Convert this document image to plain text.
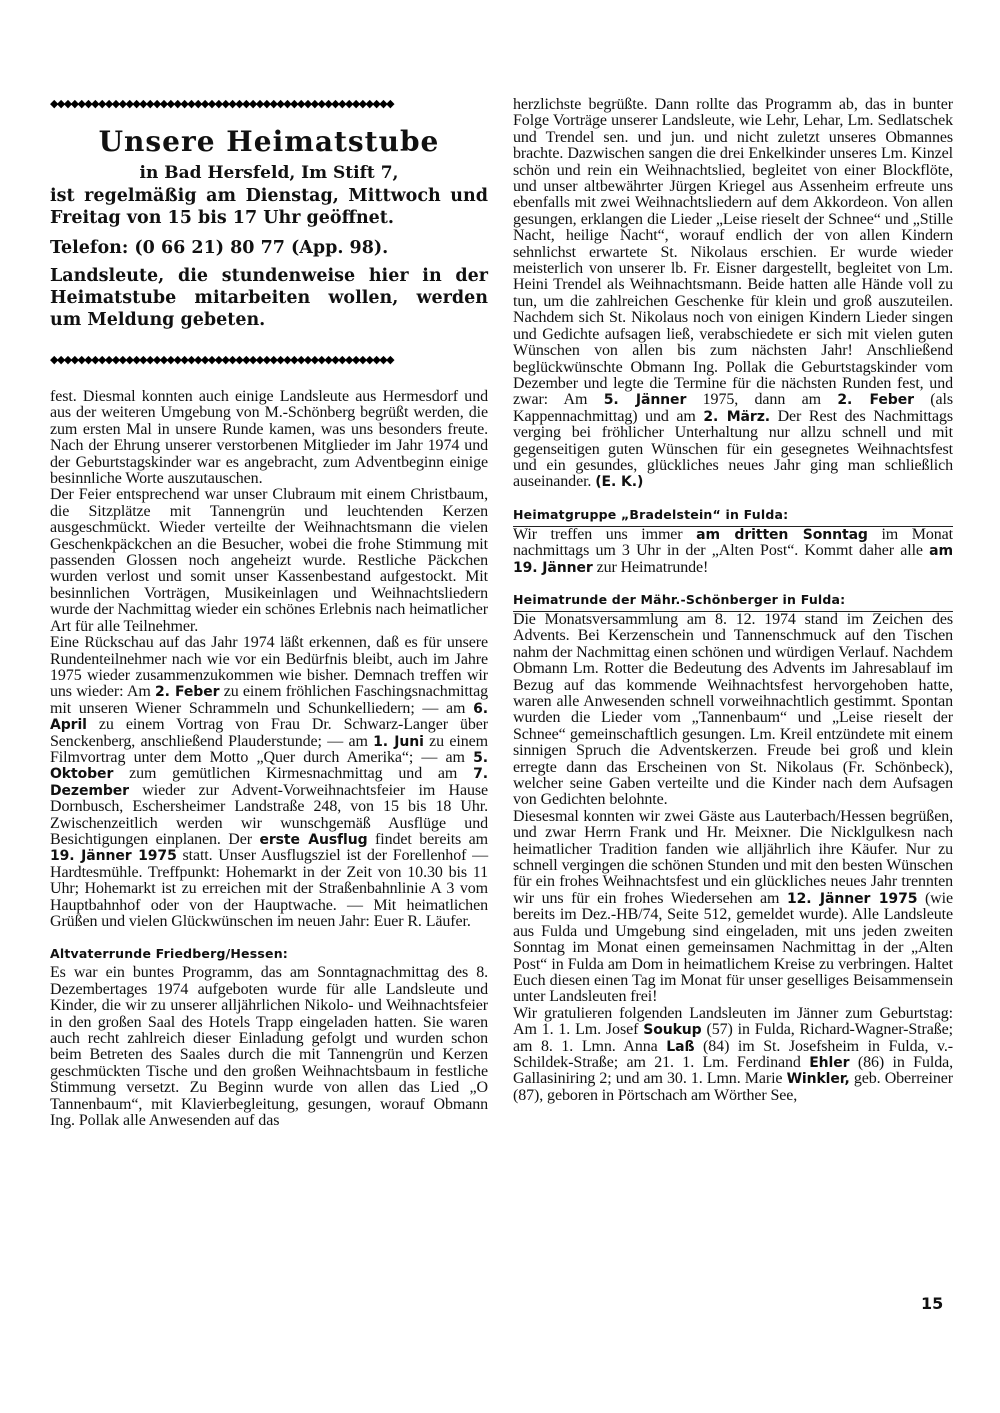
◆◆◆◆◆◆◆◆◆◆◆◆◆◆◆◆◆◆◆◆◆◆◆◆◆◆◆◆◆◆◆◆◆◆◆◆◆◆◆◆◆◆◆◆◆◆◆◆◆◆
Unsere Heimatstube
in Bad Hersfeld, Im Stift 7,
ist regelmäßig am Dienstag, Mittwoch und Freitag von 15 bis 17 Uhr geöffnet.
Telefon: (0 66 21) 80 77 (App. 98).
Landsleute, die stundenweise hier in der Heimatstube mitarbeiten wollen, werden um Meldung gebeten.
◆◆◆◆◆◆◆◆◆◆◆◆◆◆◆◆◆◆◆◆◆◆◆◆◆◆◆◆◆◆◆◆◆◆◆◆◆◆◆◆◆◆◆◆◆◆◆◆◆◆

fest. Diesmal konnten auch einige Landsleute aus Hermesdorf und aus der weiteren Umgebung von M.-Schönberg begrüßt werden, die zum ersten Mal in unsere Runde kamen, was uns besonders freute. Nach der Ehrung unserer verstorbenen Mitglieder im Jahr 1974 und der Geburtstagskinder war es angebracht, zum Adventbeginn einige besinnliche Worte auszutauschen.

Der Feier entsprechend war unser Clubraum mit einem Christbaum, die Sitzplätze mit Tannengrün und leuchtenden Kerzen ausgeschmückt. Wieder verteilte der Weihnachtsmann die vielen Geschenkpäckchen an die Besucher, wobei die frohe Stimmung mit passenden Glossen noch angeheizt wurde. Restliche Päckchen wurden verlost und somit unser Kassenbestand aufgestockt. Mit besinnlichen Vorträgen, Musikeinlagen und Weihnachtsliedern wurde der Nachmittag wieder ein schönes Erlebnis nach heimatlicher Art für alle Teilnehmer.

Eine Rückschau auf das Jahr 1974 läßt erkennen, daß es für unsere Rundenteilnehmer nach wie vor ein Bedürfnis bleibt, auch im Jahre 1975 wieder zusammenzukommen wie bisher. Demnach treffen wir uns wieder: Am 2. Feber zu einem fröhlichen Faschingsnachmittag mit unseren Wiener Schrammeln und Schunkelliedern; — am 6. April zu einem Vortrag von Frau Dr. Schwarz-Langer über Senckenberg, anschließend Plauderstunde; — am 1. Juni zu einem Filmvortrag unter dem Motto „Quer durch Amerika“; — am 5. Oktober zum gemütlichen Kirmesnachmittag und am 7. Dezember wieder zur Advent-Vorweihnachtsfeier im Hause Dornbusch, Eschersheimer Landstraße 248, von 15 bis 18 Uhr. Zwischenzeitlich werden wir wunschgemäß Ausflüge und Besichtigungen einplanen. Der erste Ausflug findet bereits am 19. Jänner 1975 statt. Unser Ausflugsziel ist der Forellenhof — Hardtesmühle. Treffpunkt: Hohemarkt in der Zeit von 10.30 bis 11 Uhr; Hohemarkt ist zu erreichen mit der Straßenbahnlinie A 3 vom Hauptbahnhof oder von der Hauptwache. — Mit heimatlichen Grüßen und vielen Glückwünschen im neuen Jahr: Euer R. Läufer.

Altvaterrunde Friedberg/Hessen:

Es war ein buntes Programm, das am Sonntagnachmittag des 8. Dezembertages 1974 aufgeboten wurde für alle Landsleute und Kinder, die wir zu unserer alljährlichen Nikolo- und Weihnachtsfeier in den großen Saal des Hotels Trapp eingeladen hatten. Sie waren auch recht zahlreich dieser Einladung gefolgt und wurden schon beim Betreten des Saales durch die mit Tannengrün und Kerzen geschmückten Tische und den großen Weihnachtsbaum in festliche Stimmung versetzt. Zu Beginn wurde von allen das Lied „O Tannenbaum“, mit Klavierbegleitung, gesungen, worauf Obmann Ing. Pollak alle Anwesenden auf das

herzlichste begrüßte. Dann rollte das Programm ab, das in bunter Folge Vorträge unserer Landsleute, wie Lehr, Lehar, Lm. Sedlatschek und Trendel sen. und jun. und nicht zuletzt unseres Obmannes brachte. Dazwischen sangen die drei Enkelkinder unseres Lm. Kinzel schön und rein ein Weihnachtslied, begleitet von einer Blockflöte, und unser altbewährter Jürgen Kriegel aus Assenheim erfreute uns ebenfalls mit zwei Weihnachtsliedern auf dem Akkordeon. Von allen gesungen, erklangen die Lieder „Leise rieselt der Schnee“ und „Stille Nacht, heilige Nacht“, worauf endlich der von allen Kindern sehnlichst erwartete St. Nikolaus erschien. Er wurde wieder meisterlich von unserer lb. Fr. Eisner dargestellt, begleitet von Lm. Heini Trendel als Weihnachtsmann. Beide hatten alle Hände voll zu tun, um die zahlreichen Geschenke für klein und groß auszuteilen. Nachdem sich St. Nikolaus noch von einigen Kindern Lieder singen und Gedichte aufsagen ließ, verabschiedete er sich mit vielen guten Wünschen von allen bis zum nächsten Jahr! Anschließend beglückwünschte Obmann Ing. Pollak die Geburtstagskinder vom Dezember und legte die Termine für die nächsten Runden fest, und zwar: Am 5. Jänner 1975, dann am 2. Feber (als Kappennachmittag) und am 2. März. Der Rest des Nachmittags verging bei fröhlicher Unterhaltung nur allzu schnell und mit gegenseitigen guten Wünschen für ein gesegnetes Weihnachtsfest und ein gesundes, glückliches neues Jahr ging man schließlich auseinander. (E. K.)

Heimatgruppe „Bradelstein“ in Fulda:

Wir treffen uns immer am dritten Sonntag im Monat nachmittags um 3 Uhr in der „Alten Post“. Kommt daher alle am 19. Jänner zur Heimatrunde!

Heimatrunde der Mähr.-Schönberger in Fulda:

Die Monatsversammlung am 8. 12. 1974 stand im Zeichen des Advents. Bei Kerzenschein und Tannenschmuck auf den Tischen nahm der Nachmittag einen schönen und würdigen Verlauf. Nachdem Obmann Lm. Rotter die Bedeutung des Advents im Jahresablauf im Bezug auf das kommende Weihnachtsfest hervorgehoben hatte, waren alle Anwesenden schnell vorweihnachtlich gestimmt. Spontan wurden die Lieder vom „Tannenbaum“ und „Leise rieselt der Schnee“ gemeinschaftlich gesungen. Lm. Kreil entzündete mit einem sinnigen Spruch die Adventskerzen. Freude bei groß und klein erregte dann das Erscheinen von St. Nikolaus (Fr. Schönbeck), welcher seine Gaben verteilte und die Kinder nach dem Aufsagen von Gedichten belohnte.

Diesesmal konnten wir zwei Gäste aus Lauterbach/Hessen begrüßen, und zwar Herrn Frank und Hr. Meixner. Die Nicklgulkesn nach heimatlicher Tradition fanden wie alljährlich ihre Käufer. Nur zu schnell vergingen die schönen Stunden und mit den besten Wünschen für ein frohes Weihnachtsfest und ein glückliches neues Jahr trennten wir uns für ein frohes Wiedersehen am 12. Jänner 1975 (wie bereits im Dez.-HB/74, Seite 512, gemeldet wurde). Alle Landsleute aus Fulda und Umgebung sind eingeladen, mit uns jeden zweiten Sonntag im Monat einen gemeinsamen Nachmittag in der „Alten Post“ in Fulda am Dom in heimatlichem Kreise zu verbringen. Haltet Euch diesen einen Tag im Monat für unser geselliges Beisammensein unter Landsleuten frei!

Wir gratulieren folgenden Landsleuten im Jänner zum Geburtstag: Am 1. 1. Lm. Josef Soukup (57) in Fulda, Richard-Wagner-Straße; am 8. 1. Lmn. Anna Laß (84) im St. Josefsheim in Fulda, v.-Schildek-Straße; am 21. 1. Lm. Ferdinand Ehler (86) in Fulda, Gallasiniring 2; und am 30. 1. Lmn. Marie Winkler, geb. Oberreiner (87), geboren in Pörtschach am Wörther See,

15
